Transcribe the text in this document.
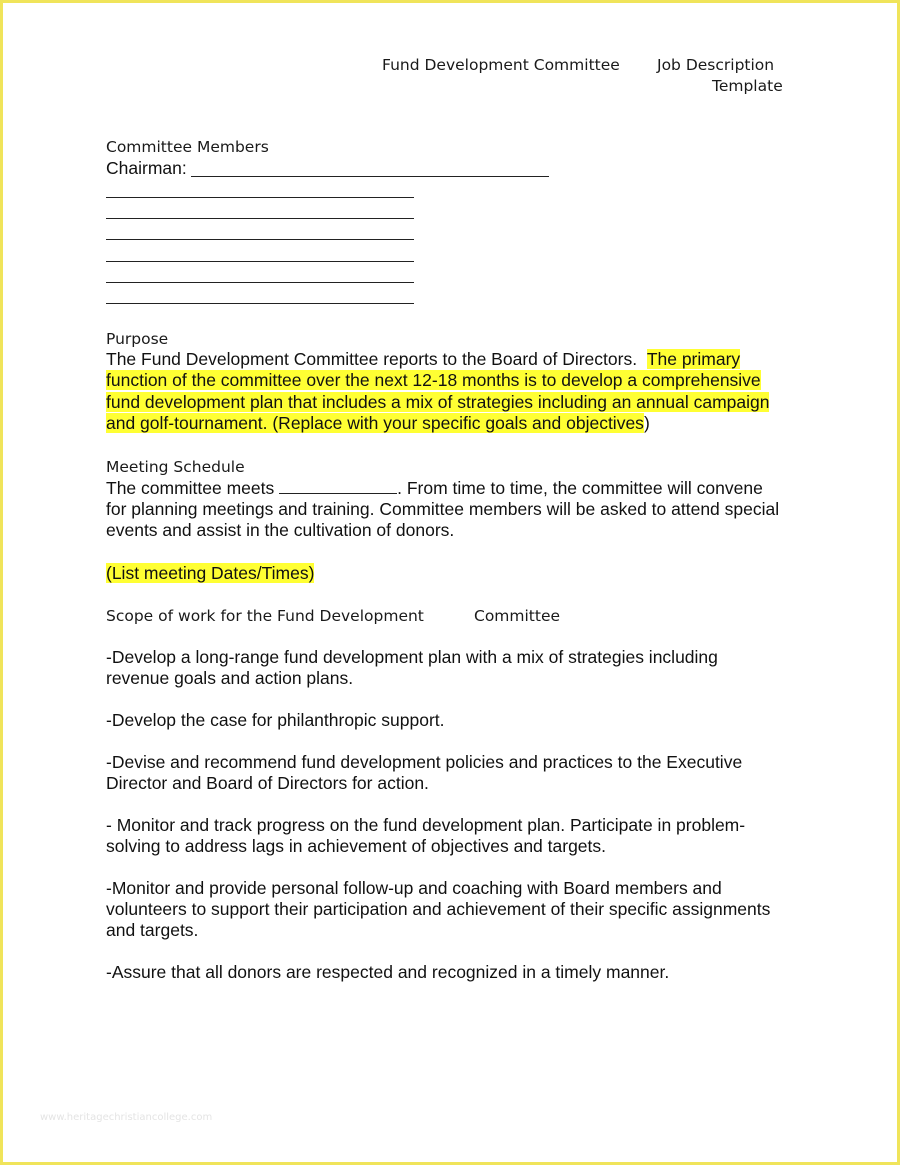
Fund Development Committee Job Description
Template
Committee Members
Chairman:
Purpose
The Fund Development Committee reports to the Board of Directors. The primary
function of the committee over the next 12-18 months is to develop a comprehensive
fund development plan that includes a mix of strategies including an annual campaign
and golf-tournament. (Replace with your specific goals and objectives)
Meeting Schedule
The committee meets	. From time to time, the committee will convene
for planning meetings and training. Committee members will be asked to attend special
events and assist in the cultivation of donors.
(List meeting Dates/Times)
Scope of work for the Fund Development	Committee
-Develop a long-range fund development plan with a mix of strategies including
revenue goals and action plans.
-Develop the case for philanthropic support.
-Devise and recommend fund development policies and practices to the Executive
Director and Board of Directors for action.
- Monitor and track progress on the fund development plan. Participate in problem-
solving to address lags in achievement of objectives and targets.
-Monitor and provide personal follow-up and coaching with Board members and
volunteers to support their participation and achievement of their specific assignments
and targets.
-Assure that all donors are respected and recognized in a timely manner.
www.heritagechristiancollege.com
